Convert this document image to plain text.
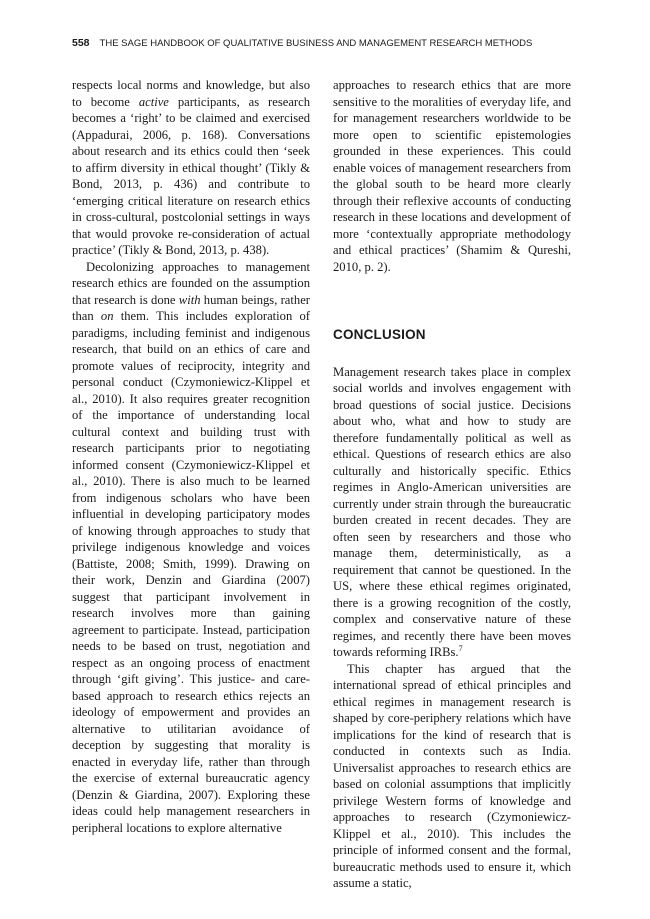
558 THE SAGE HANDBOOK OF QUALITATIVE BUSINESS AND MANAGEMENT RESEARCH METHODS

respects local norms and knowledge, but also to become active participants, as research becomes a ‘right’ to be claimed and exercised (Appadurai, 2006, p. 168). Conversations about research and its ethics could then ‘seek to affirm diversity in ethical thought’ (Tikly & Bond, 2013, p. 436) and contribute to ‘emerging critical literature on research ethics in cross-cultural, postcolonial settings in ways that would provoke re-consideration of actual practice’ (Tikly & Bond, 2013, p. 438).

Decolonizing approaches to management research ethics are founded on the assumption that research is done with human beings, rather than on them. This includes exploration of paradigms, including feminist and indigenous research, that build on an ethics of care and promote values of reciprocity, integrity and personal conduct (Czymoniewicz-Klippel et al., 2010). It also requires greater recognition of the importance of understanding local cultural context and building trust with research participants prior to negotiating informed consent (Czymoniewicz-Klippel et al., 2010). There is also much to be learned from indigenous scholars who have been influential in developing participatory modes of knowing through approaches to study that privilege indigenous knowledge and voices (Battiste, 2008; Smith, 1999). Drawing on their work, Denzin and Giardina (2007) suggest that participant involvement in research involves more than gaining agreement to participate. Instead, participation needs to be based on trust, negotiation and respect as an ongoing process of enactment through ‘gift giving’. This justice- and care-based approach to research ethics rejects an ideology of empowerment and provides an alternative to utilitarian avoidance of deception by suggesting that morality is enacted in everyday life, rather than through the exercise of external bureaucratic agency (Denzin & Giardina, 2007). Exploring these ideas could help management researchers in peripheral locations to explore alternative

approaches to research ethics that are more sensitive to the moralities of everyday life, and for management researchers worldwide to be more open to scientific epistemologies grounded in these experiences. This could enable voices of management researchers from the global south to be heard more clearly through their reflexive accounts of conducting research in these locations and development of more ‘contextually appropriate methodology and ethical practices’ (Shamim & Qureshi, 2010, p. 2).

CONCLUSION

Management research takes place in complex social worlds and involves engagement with broad questions of social justice. Decisions about who, what and how to study are therefore fundamentally political as well as ethical. Questions of research ethics are also culturally and historically specific. Ethics regimes in Anglo-American universities are currently under strain through the bureaucratic burden created in recent decades. They are often seen by researchers and those who manage them, deterministically, as a requirement that cannot be questioned. In the US, where these ethical regimes originated, there is a growing recognition of the costly, complex and conservative nature of these regimes, and recently there have been moves towards reforming IRBs.$^7$

This chapter has argued that the international spread of ethical principles and ethical regimes in management research is shaped by core-periphery relations which have implications for the kind of research that is conducted in contexts such as India. Universalist approaches to research ethics are based on colonial assumptions that implicitly privilege Western forms of knowledge and approaches to research (Czymoniewicz-Klippel et al., 2010). This includes the principle of informed consent and the formal, bureaucratic methods used to ensure it, which assume a static,
